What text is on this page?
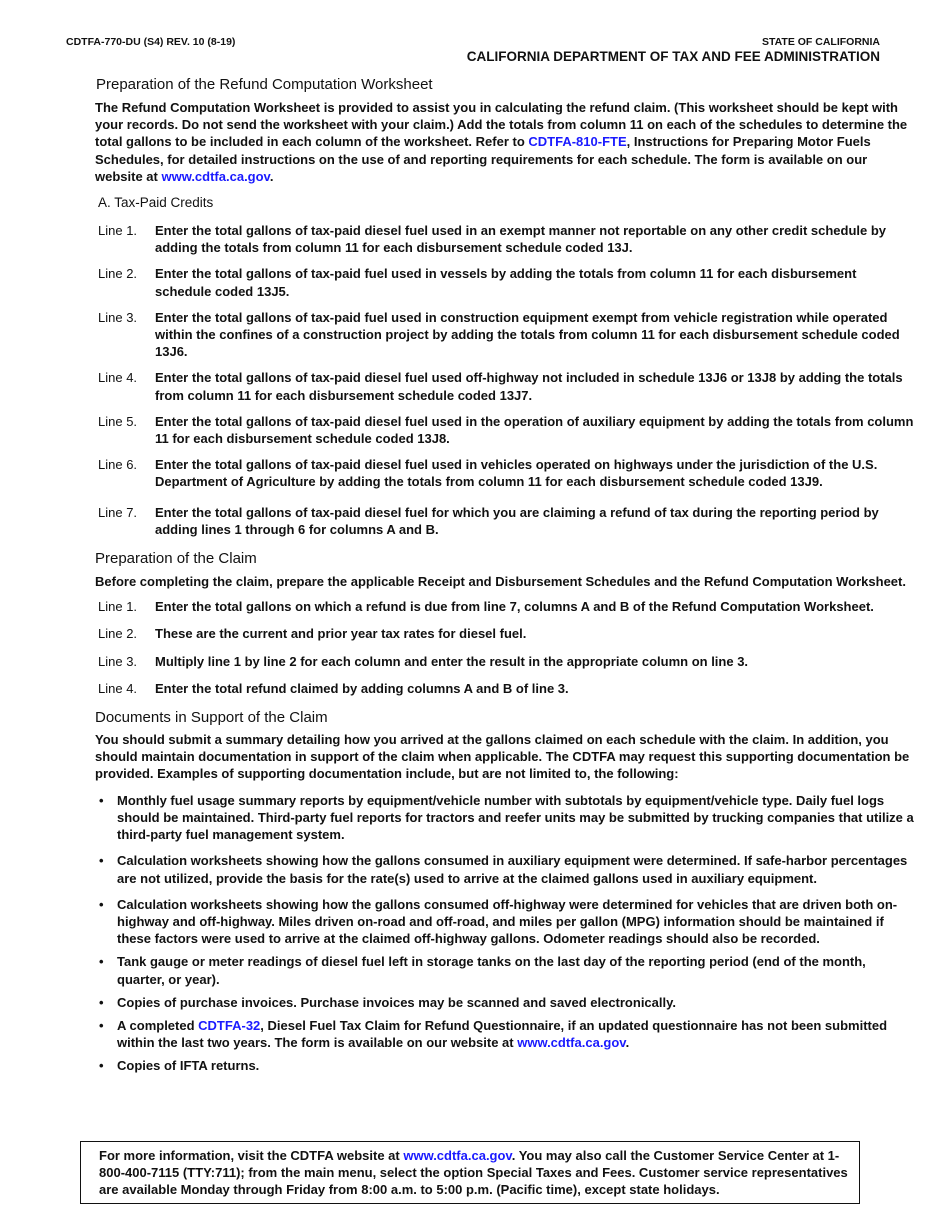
CDTFA-770-DU (S4) REV. 10 (8-19)	STATE OF CALIFORNIA
CALIFORNIA DEPARTMENT OF TAX AND FEE ADMINISTRATION
Preparation of the Refund Computation Worksheet

The Refund Computation Worksheet is provided to assist you in calculating the refund claim. (This worksheet should be kept with your records. Do not send the worksheet with your claim.) Add the totals from column 11 on each of the schedules to determine the total gallons to be included in each column of the worksheet. Refer to CDTFA-810-FTE, Instructions for Preparing Motor Fuels Schedules, for detailed instructions on the use of and reporting requirements for each schedule. The form is available on our website at www.cdtfa.ca.gov.

A. Tax-Paid Credits
Line 1.	Enter the total gallons of tax-paid diesel fuel used in an exempt manner not reportable on any other credit schedule by adding the totals from column 11 for each disbursement schedule coded 13J.
Line 2.	Enter the total gallons of tax-paid fuel used in vessels by adding the totals from column 11 for each disbursement schedule coded 13J5.
Line 3.	Enter the total gallons of tax-paid fuel used in construction equipment exempt from vehicle registration while operated within the confines of a construction project by adding the totals from column 11 for each disbursement schedule coded 13J6.
Line 4.	Enter the total gallons of tax-paid diesel fuel used off-highway not included in schedule 13J6 or 13J8 by adding the totals from column 11 for each disbursement schedule coded 13J7.
Line 5.	Enter the total gallons of tax-paid diesel fuel used in the operation of auxiliary equipment by adding the totals from column 11 for each disbursement schedule coded 13J8.
Line 6.	Enter the total gallons of tax-paid diesel fuel used in vehicles operated on highways under the jurisdiction of the U.S. Department of Agriculture by adding the totals from column 11 for each disbursement schedule coded 13J9.
Line 7.	Enter the total gallons of tax-paid diesel fuel for which you are claiming a refund of tax during the reporting period by adding lines 1 through 6 for columns A and B.
Preparation of the Claim

Before completing the claim, prepare the applicable Receipt and Disbursement Schedules and the Refund Computation Worksheet.

Line 1.	Enter the total gallons on which a refund is due from line 7, columns A and B of the Refund Computation Worksheet.
Line 2.	These are the current and prior year tax rates for diesel fuel.
Line 3.	Multiply line 1 by line 2 for each column and enter the result in the appropriate column on line 3.
Line 4.	Enter the total refund claimed by adding columns A and B of line 3.
Documents in Support of the Claim

You should submit a summary detailing how you arrived at the gallons claimed on each schedule with the claim. In addition, you should maintain documentation in support of the claim when applicable. The CDTFA may request this supporting documentation be provided. Examples of supporting documentation include, but are not limited to, the following:

• Monthly fuel usage summary reports by equipment/vehicle number with subtotals by equipment/vehicle type. Daily fuel logs should be maintained. Third-party fuel reports for tractors and reefer units may be submitted by trucking companies that utilize a third-party fuel management system.
• Calculation worksheets showing how the gallons consumed in auxiliary equipment were determined. If safe-harbor percentages are not utilized, provide the basis for the rate(s) used to arrive at the claimed gallons used in auxiliary equipment.
• Calculation worksheets showing how the gallons consumed off-highway were determined for vehicles that are driven both on-highway and off-highway. Miles driven on-road and off-road, and miles per gallon (MPG) information should be maintained if these factors were used to arrive at the claimed off-highway gallons. Odometer readings should also be recorded.
• Tank gauge or meter readings of diesel fuel left in storage tanks on the last day of the reporting period (end of the month, quarter, or year).
• Copies of purchase invoices. Purchase invoices may be scanned and saved electronically.
• A completed CDTFA-32, Diesel Fuel Tax Claim for Refund Questionnaire, if an updated questionnaire has not been submitted within the last two years. The form is available on our website at www.cdtfa.ca.gov.
• Copies of IFTA returns.

For more information, visit the CDTFA website at www.cdtfa.ca.gov. You may also call the Customer Service Center at 1-800-400-7115 (TTY:711); from the main menu, select the option Special Taxes and Fees. Customer service representatives are available Monday through Friday from 8:00 a.m. to 5:00 p.m. (Pacific time), except state holidays.
